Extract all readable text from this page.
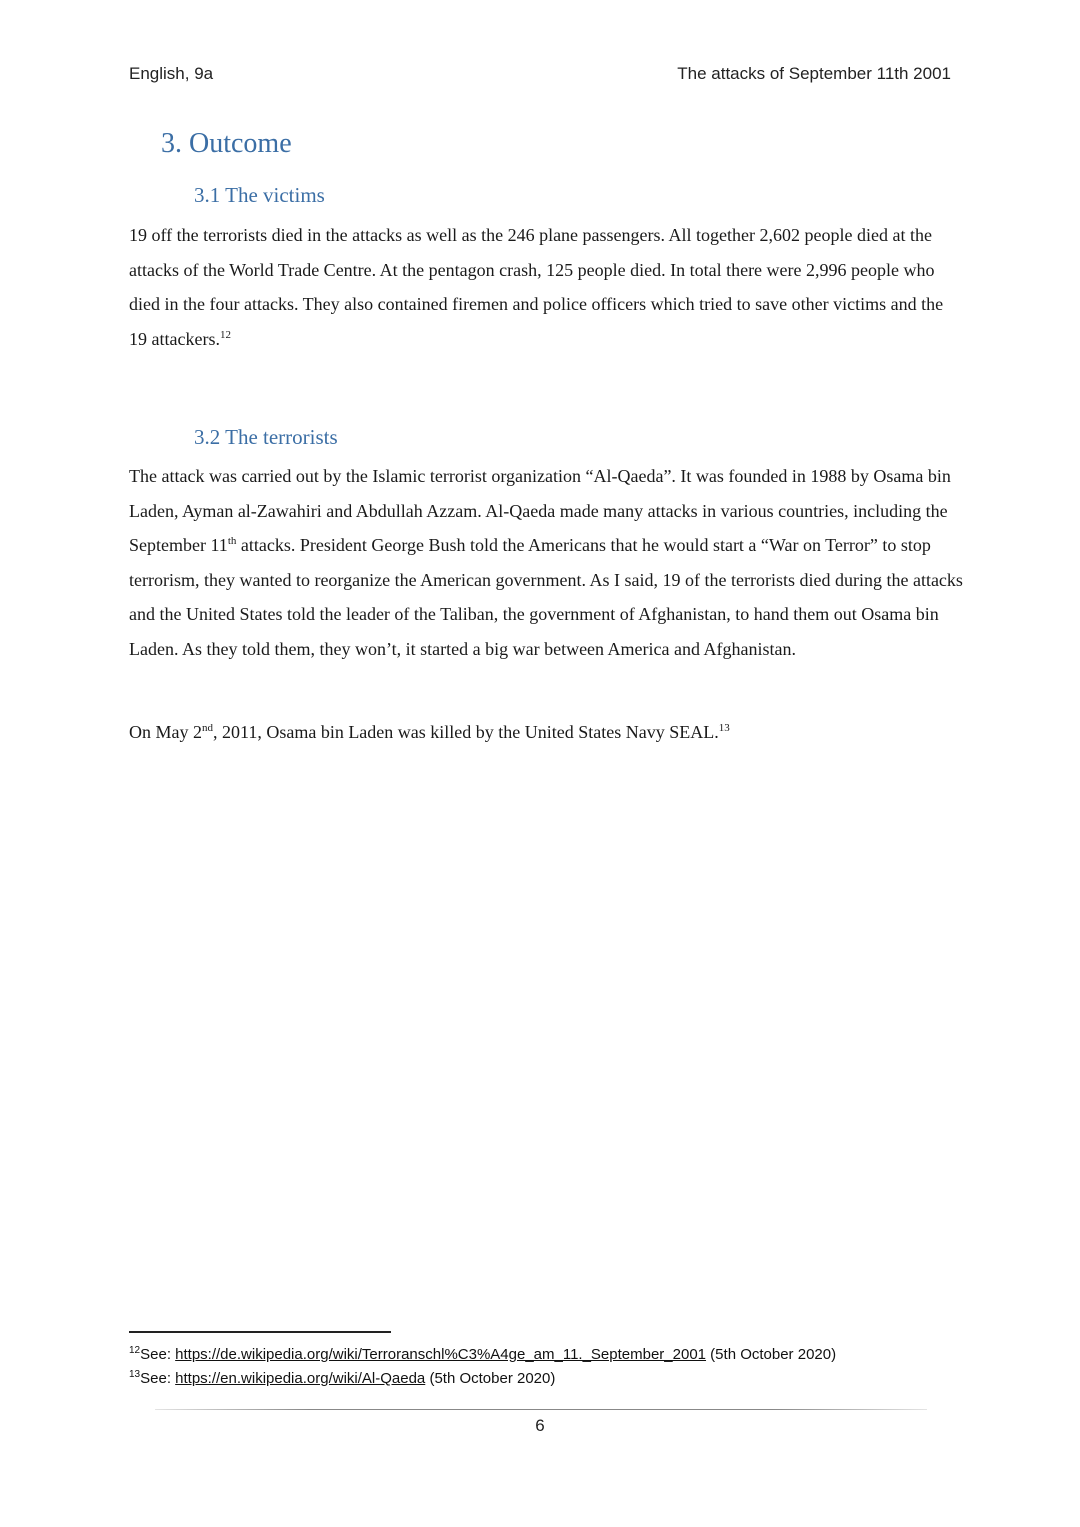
English, 9a	The attacks of September 11th 2001
3. Outcome
3.1 The victims
19 off the terrorists died in the attacks as well as the 246 plane passengers. All together 2,602 people died at the attacks of the World Trade Centre. At the pentagon crash, 125 people died. In total there were 2,996 people who died in the four attacks. They also contained firemen and police officers which tried to save other victims and the 19 attackers.$^{12}$
3.2 The terrorists
The attack was carried out by the Islamic terrorist organization “Al-Qaeda”. It was founded in 1988 by Osama bin Laden, Ayman al-Zawahiri and Abdullah Azzam. Al-Qaeda made many attacks in various countries, including the September 11th attacks. President George Bush told the Americans that he would start a “War on Terror” to stop terrorism, they wanted to reorganize the American government. As I said, 19 of the terrorists died during the attacks and the United States told the leader of the Taliban, the government of Afghanistan, to hand them out Osama bin Laden. As they told them, they won’t, it started a big war between America and Afghanistan.
On May 2nd, 2011, Osama bin Laden was killed by the United States Navy SEAL.$^{13}$
$^{12}$See: https://de.wikipedia.org/wiki/Terroranschl%C3%A4ge_am_11._September_2001 (5th October 2020)
$^{13}$See: https://en.wikipedia.org/wiki/Al-Qaeda (5th October 2020)
6
